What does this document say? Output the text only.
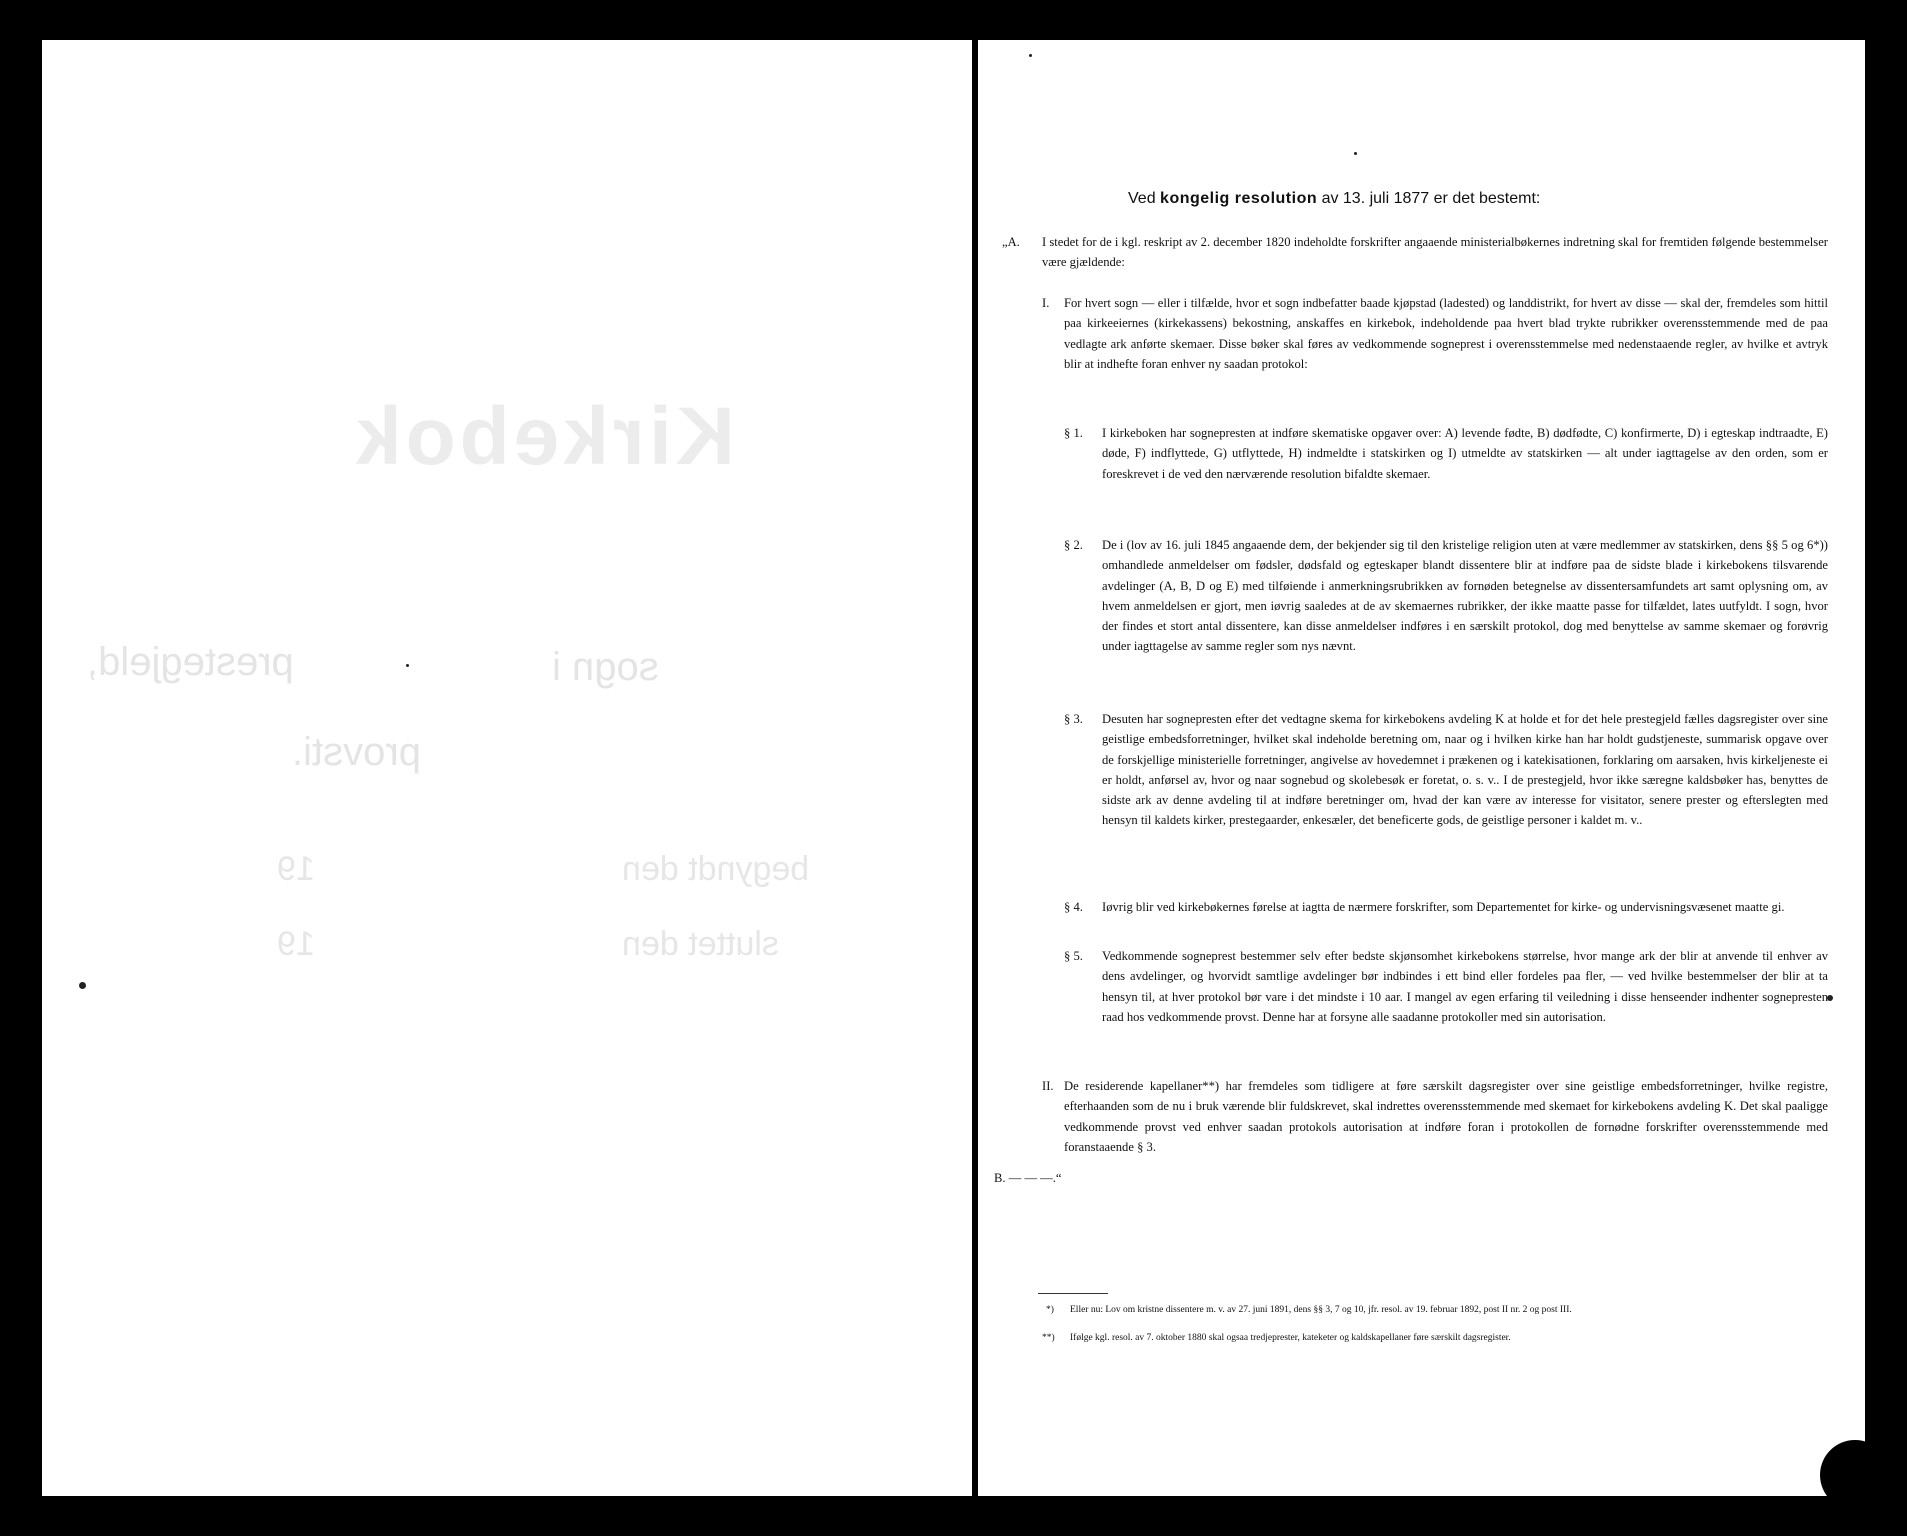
Kirkebok
sogn i
prestegjeld,
provsti.
begyndt den
19
sluttet den
19
Ved kongelig resolution av 13. juli 1877 er det bestemt:
„A. I stedet for de i kgl. reskript av 2. december 1820 indeholdte forskrifter angaaende ministerialbøkernes indretning skal for fremtiden følgende bestemmelser være gjældende:
I. For hvert sogn — eller i tilfælde, hvor et sogn indbefatter baade kjøpstad (ladested) og landdistrikt, for hvert av disse — skal der, fremdeles som hittil paa kirkeeiernes (kirkekassens) bekostning, anskaffes en kirkebok, indeholdende paa hvert blad trykte rubrikker overensstemmende med de paa vedlagte ark anførte skemaer. Disse bøker skal føres av vedkommende sogneprest i overensstemmelse med nedenstaaende regler, av hvilke et avtryk blir at indhefte foran enhver ny saadan protokol:
§ 1. I kirkeboken har sognepresten at indføre skematiske opgaver over: A) levende fødte, B) dødfødte, C) konfirmerte, D) i egteskap indtraadte, E) døde, F) indflyttede, G) utflyttede, H) indmeldte i statskirken og I) utmeldte av statskirken — alt under iagttagelse av den orden, som er foreskrevet i de ved den nærværende resolution bifaldte skemaer.
§ 2. De i (lov av 16. juli 1845 angaaende dem, der bekjender sig til den kristelige religion uten at være medlemmer av statskirken, dens §§ 5 og 6*)) omhandlede anmeldelser om fødsler, dødsfald og egteskaper blandt dissentere blir at indføre paa de sidste blade i kirkebokens tilsvarende avdelinger (A, B, D og E) med tilføiende i anmerkningsrubrikken av fornøden betegnelse av dissentersamfundets art samt oplysning om, av hvem anmeldelsen er gjort, men iøvrig saaledes at de av skemaernes rubrikker, der ikke maatte passe for tilfældet, lates uutfyldt. I sogn, hvor der findes et stort antal dissentere, kan disse anmeldelser indføres i en særskilt protokol, dog med benyttelse av samme skemaer og forøvrig under iagttagelse av samme regler som nys nævnt.
§ 3. Desuten har sognepresten efter det vedtagne skema for kirkebokens avdeling K at holde et for det hele prestegjeld fælles dagsregister over sine geistlige embedsforretninger, hvilket skal indeholde beretning om, naar og i hvilken kirke han har holdt gudstjeneste, summarisk opgave over de forskjellige ministerielle forretninger, angivelse av hovedemnet i prækenen og i katekisationen, forklaring om aarsaken, hvis kirkeljeneste ei er holdt, anførsel av, hvor og naar sognebud og skolebesøk er foretat, o. s. v.. I de prestegjeld, hvor ikke særegne kaldsbøker has, benyttes de sidste ark av denne avdeling til at indføre beretninger om, hvad der kan være av interesse for visitator, senere prester og efterslegten med hensyn til kaldets kirker, prestegaarder, enkesæler, det beneficerte gods, de geistlige personer i kaldet m. v..
§ 4. Iøvrig blir ved kirkebøkernes førelse at iagtta de nærmere forskrifter, som Departementet for kirke- og undervisningsvæsenet maatte gi.
§ 5. Vedkommende sogneprest bestemmer selv efter bedste skjønsomhet kirkebokens størrelse, hvor mange ark der blir at anvende til enhver av dens avdelinger, og hvorvidt samtlige avdelinger bør indbindes i ett bind eller fordeles paa fler, — ved hvilke bestemmelser der blir at ta hensyn til, at hver protokol bør vare i det mindste i 10 aar. I mangel av egen erfaring til veiledning i disse henseender indhenter sognepresten raad hos vedkommende provst. Denne har at forsyne alle saadanne protokoller med sin autorisation.
II. De residerende kapellaner**) har fremdeles som tidligere at føre særskilt dagsregister over sine geistlige embedsforretninger, hvilke registre, efterhaanden som de nu i bruk værende blir fuldskrevet, skal indrettes overensstemmende med skemaet for kirkebokens avdeling K. Det skal paaligge vedkommende provst ved enhver saadan protokols autorisation at indføre foran i protokollen de fornødne forskrifter overensstemmende med foranstaaende § 3.
B. — — —.“
*) Eller nu: Lov om kristne dissentere m. v. av 27. juni 1891, dens §§ 3, 7 og 10, jfr. resol. av 19. februar 1892, post II nr. 2 og post III.
**) Ifølge kgl. resol. av 7. oktober 1880 skal ogsaa tredjeprester, kateketer og kaldskapellaner føre særskilt dagsregister.
